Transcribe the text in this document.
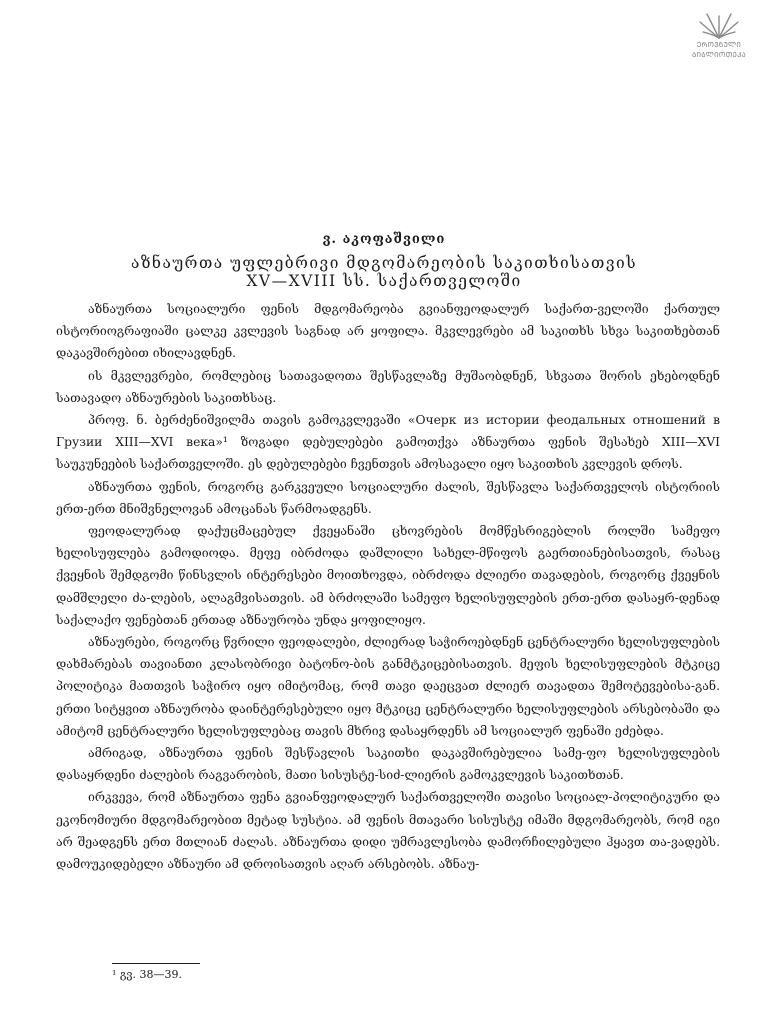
ᲔᲠᲝᲕᲜᲣᲚᲘ
ᲑᲘᲑᲚᲘᲝᲗᲔᲙᲐ
ვ. აკოფაშვილი
აზნაურთა უფლებრივი მდგომარეობის საკითხისათვის
XV—XVIII სს. საქართველოში

აზნაურთა სოციალური ფენის მდგომარეობა გვიანფეოდალურ საქართ-ველოში ქართულ ისტორიოგრაფიაში ცალკე კვლევის საგნად არ ყოფილა. მკვლევრები ამ საკითხს სხვა საკითხებთან დაკავშირებით იხილავდნენ.

ის მკვლევრები, რომლებიც სათავადოთა შესწავლაზე მუშაობდნენ, სხვათა შორის ეხებოდნენ სათავადო აზნაურების საკითხსაც.

პროფ. ნ. ბერძენიშვილმა თავის გამოკვლევაში «Очерк из истории феодальных отношений в Грузии XIII—XVI века»¹ ზოგადი დებულებები გამოთქვა აზნაურთა ფენის შესახებ XIII—XVI საუკუნეების საქართველოში. ეს დებულებები ჩვენთვის ამოსავალი იყო საკითხის კვლევის დროს.

აზნაურთა ფენის, როგორც გარკვეული სოციალური ძალის, შესწავლა საქართველოს ისტორიის ერთ-ერთ მნიშვნელოვან ამოცანას წარმოადგენს.

ფეოდალურად დაქუცმაცებულ ქვეყანაში ცხოვრების მომწესრიგებლის როლში სამეფო ხელისუფლება გამოდიოდა. მეფე იბრძოდა დაშლილი სახელ-მწიფოს გაერთიანებისათვის, რასაც ქვეყნის შემდგომი წინსვლის ინტერესები მოითხოვდა, იბრძოდა ძლიერი თავადების, როგორც ქვეყნის დამშლელი ძა-ლების, ალაგმვისათვის. ამ ბრძოლაში სამეფო ხელისუფლების ერთ-ერთ დასაყრ-დენად საქალაქო ფენებთან ერთად აზნაურობა უნდა ყოფილიყო.

აზნაურები, როგორც წვრილი ფეოდალები, ძლიერად საჭიროებდნენ ცენტრალური ხელისუფლების დახმარებას თავიანთი კლასობრივი ბატონო-ბის განმტკიცებისათვის. მეფის ხელისუფლების მტკიცე პოლიტიკა მათთვის საჭირო იყო იმიტომაც, რომ თავი დაეცვათ ძლიერ თავადთა შემოტევებისა-გან. ერთი სიტყვით აზნაურობა დაინტერესებული იყო მტკიცე ცენტრალური ხელისუფლების არსებობაში და ამიტომ ცენტრალური ხელისუფლებაც თავის მხრივ დასაყრდენს ამ სოციალურ ფენაში ეძებდა.

ამრიგად, აზნაურთა ფენის შესწავლის საკითხი დაკავშირებულია სამე-ფო ხელისუფლების დასაყრდენი ძალების რაგვარობის, მათი სისუსტე-სიძ-ლიერის გამოკვლევის საკითხთან.

ირკვევა, რომ აზნაურთა ფენა გვიანფეოდალურ საქართველოში თავისი სოციალ-პოლიტიკური და ეკონომიური მდგომარეობით მეტად სუსტია. ამ ფენის მთავარი სისუსტე იმაში მდგომარეობს, რომ იგი არ შეადგენს ერთ მთლიან ძალას. აზნაურთა დიდი უმრავლესობა დამორჩილებული ჰყავთ თა-ვადებს. დამოუკიდებელი აზნაური ამ დროისათვის აღარ არსებობს. აზნაუ-

¹ გვ. 38—39.
